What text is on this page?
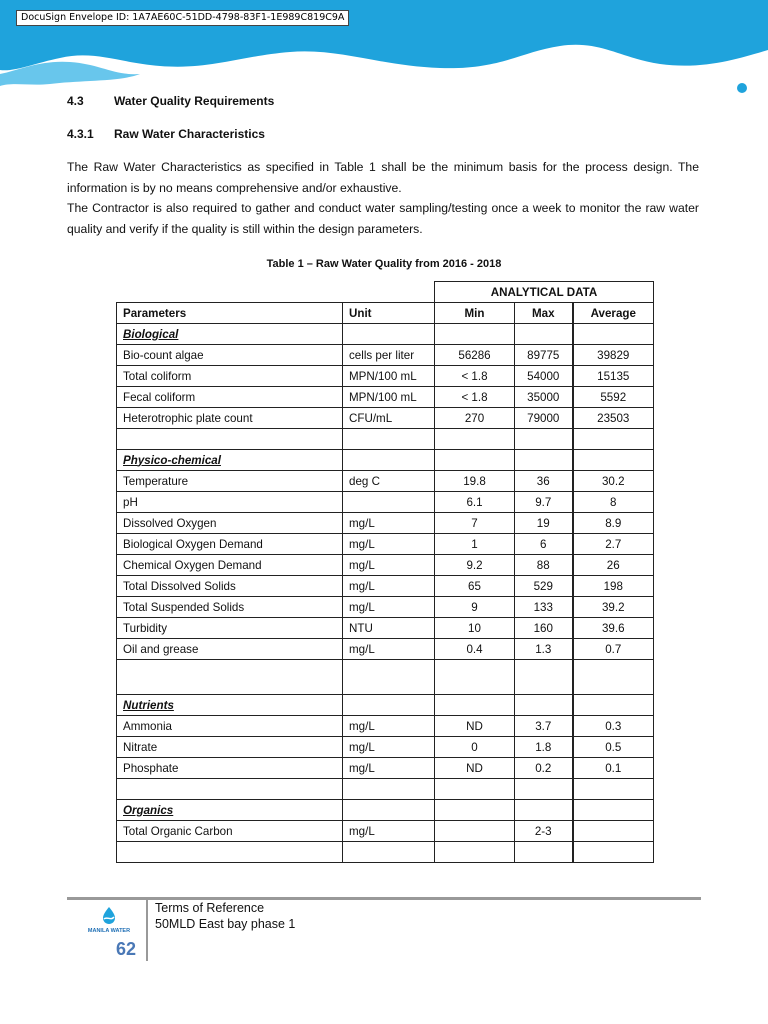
DocuSign Envelope ID: 1A7AE60C-51DD-4798-83F1-1E989C819C9A
4.3	Water Quality Requirements
4.3.1 Raw Water Characteristics
The Raw Water Characteristics as specified in Table 1 shall be the minimum basis for the process design. The information is by no means comprehensive and/or exhaustive.
The Contractor is also required to gather and conduct water sampling/testing once a week to monitor the raw water quality and verify if the quality is still within the design parameters.
Table 1 – Raw Water Quality from 2016 - 2018
		ANALYTICAL DATA		
Parameters	Unit	Min	Max	Average
Biological				
Bio-count algae	cells per liter	56286	89775	39829
Total coliform	MPN/100 mL	< 1.8	54000	15135
Fecal coliform	MPN/100 mL	< 1.8	35000	5592
Heterotrophic plate count	CFU/mL	270	79000	23503

Physico-chemical				
Temperature	deg C	19.8	36	30.2
pH		6.1	9.7	8
Dissolved Oxygen	mg/L	7	19	8.9
Biological Oxygen Demand	mg/L	1	6	2.7
Chemical Oxygen Demand	mg/L	9.2	88	26
Total Dissolved Solids	mg/L	65	529	198
Total Suspended Solids	mg/L	9	133	39.2
Turbidity	NTU	10	160	39.6
Oil and grease	mg/L	0.4	1.3	0.7

Nutrients				
Ammonia	mg/L	ND	3.7	0.3
Nitrate	mg/L	0	1.8	0.5
Phosphate	mg/L	ND	0.2	0.1

Organics				
Total Organic Carbon	mg/L		2-3	

MANILA WATER
62
Terms of Reference
50MLD East bay phase 1
